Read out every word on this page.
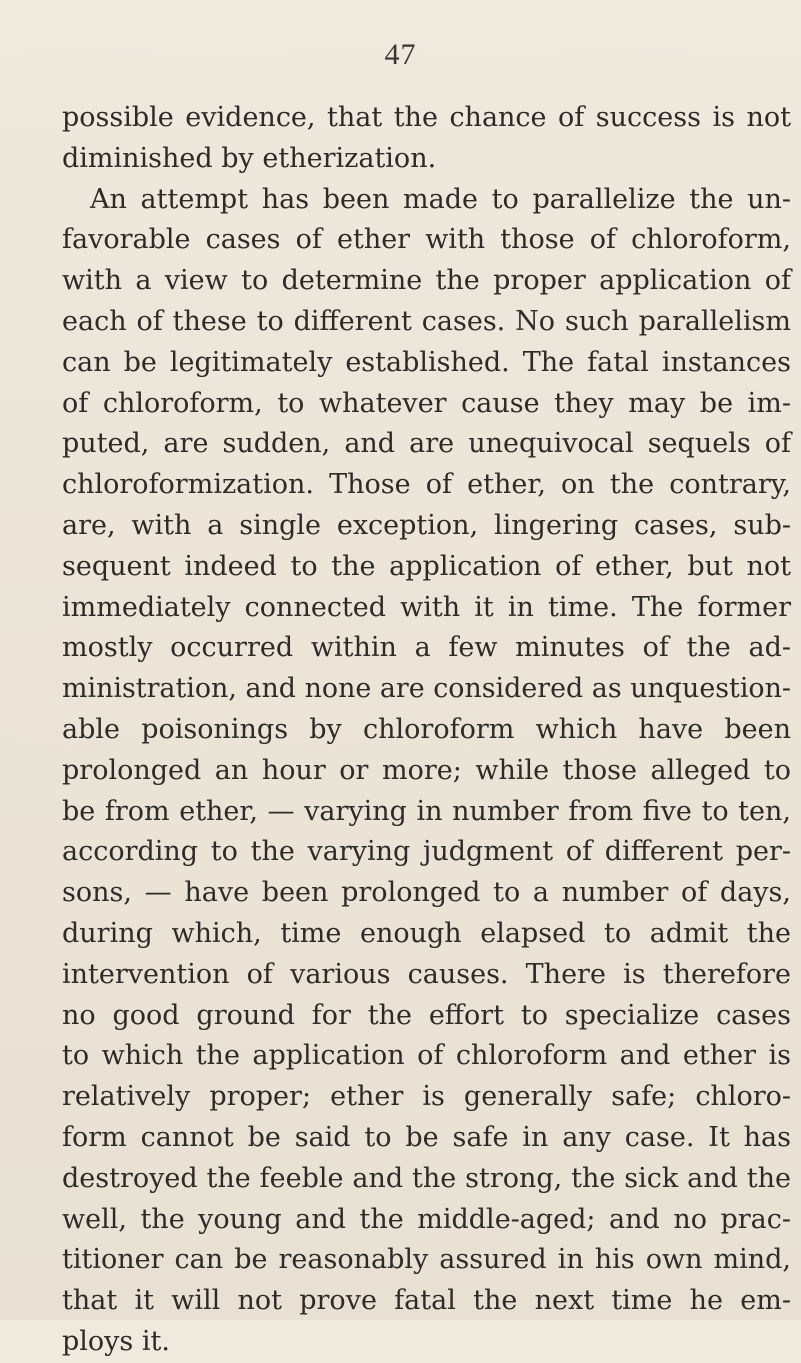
47
possible evidence, that the chance of success is not
diminished by etherization.
An attempt has been made to parallelize the un-
favorable cases of ether with those of chloroform,
with a view to determine the proper application of
each of these to different cases. No such parallelism
can be legitimately established. The fatal instances
of chloroform, to whatever cause they may be im-
puted, are sudden, and are unequivocal sequels of
chloroformization. Those of ether, on the contrary,
are, with a single exception, lingering cases, sub-
sequent indeed to the application of ether, but not
immediately connected with it in time. The former
mostly occurred within a few minutes of the ad-
ministration, and none are considered as unquestion-
able poisonings by chloroform which have been
prolonged an hour or more; while those alleged to
be from ether, — varying in number from five to ten,
according to the varying judgment of different per-
sons, — have been prolonged to a number of days,
during which, time enough elapsed to admit the
intervention of various causes. There is therefore
no good ground for the effort to specialize cases
to which the application of chloroform and ether is
relatively proper; ether is generally safe; chloro-
form cannot be said to be safe in any case. It has
destroyed the feeble and the strong, the sick and the
well, the young and the middle-aged; and no prac-
titioner can be reasonably assured in his own mind,
that it will not prove fatal the next time he em-
ploys it.
